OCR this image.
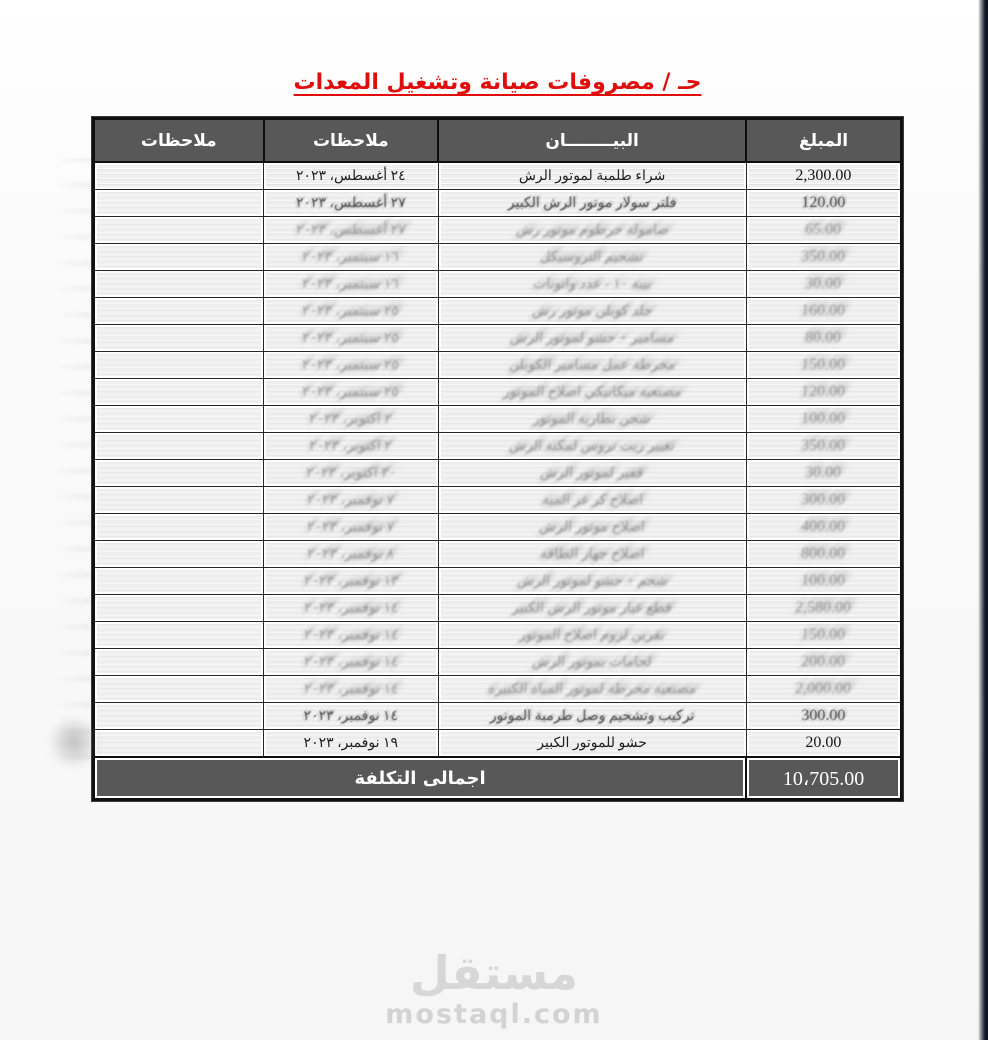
حـ / مصروفات صيانة وتشغيل المعدات
المبلغ	البيــــــــان	ملاحظات	ملاحظات
2,300.00	شراء طلمبة لموتور الرش	٢٤ أغسطس، ٢٠٢٣	
120.00	فلتر سولار موتور الرش الكبير	٢٧ أغسطس، ٢٠٢٣	
65.00	صامولة خرطوم موتور رش	٢٧ أغسطس، ٢٠٢٣	
350.00	تشحيم التروسيكل	١٦ سبتمبر، ٢٠٢٣	
30.00	بيبة ١٠ - عدد وانونات	١٦ سبتمبر، ٢٠٢٣	
160.00	جلد كوبلن موتور رش	٢٥ سبتمبر، ٢٠٢٣	
80.00	مسامير + حشو لموتور الرش	٢٥ سبتمبر، ٢٠٢٣	
150.00	مخرطة عمل مسامير الكوبلن	٢٥ سبتمبر، ٢٠٢٣	
120.00	مصنعية ميكانيكي اصلاح الموتور	٢٥ سبتمبر، ٢٠٢٣	
100.00	شحن بطارية الموتور	٢ اكتوبر، ٢٠٢٣	
350.00	تغيير زيت تروس لمكنة الرش	٢ اكتوبر، ٢٠٢٣	
30.00	قفير لموتور الرش	٣٠ اكتوبر، ٢٠٢٣	
300.00	اصلاح كر غز المية	٧ نوفمبر، ٢٠٢٣	
400.00	اصلاح موتور الرش	٧ نوفمبر، ٢٠٢٣	
800.00	اصلاح جهاز الطاقة	٨ نوفمبر، ٢٠٢٣	
100.00	شحم + حشو لموتور الرش	١٣ نوفمبر، ٢٠٢٣	
2,580.00	قطع غيار موتور الرش الكبير	١٤ نوفمبر، ٢٠٢٣	
150.00	بقرين لزوم اصلاح الموتور	١٤ نوفمبر، ٢٠٢٣	
200.00	لحامات بموتور الرش	١٤ نوفمبر، ٢٠٢٣	
2,000.00	مصنعية مخرطة لموتور المياة الكبيرة	١٤ نوفمبر، ٢٠٢٣	
300.00	تركيب وتشحيم وصل طرمبة الموتور	١٤ نوفمبر، ٢٠٢٣	
20.00	حشو للموتور الكبير	١٩ نوفمبر، ٢٠٢٣	
10،705.00	اجمالى التكلفة		
مستقل
mostaql.com
